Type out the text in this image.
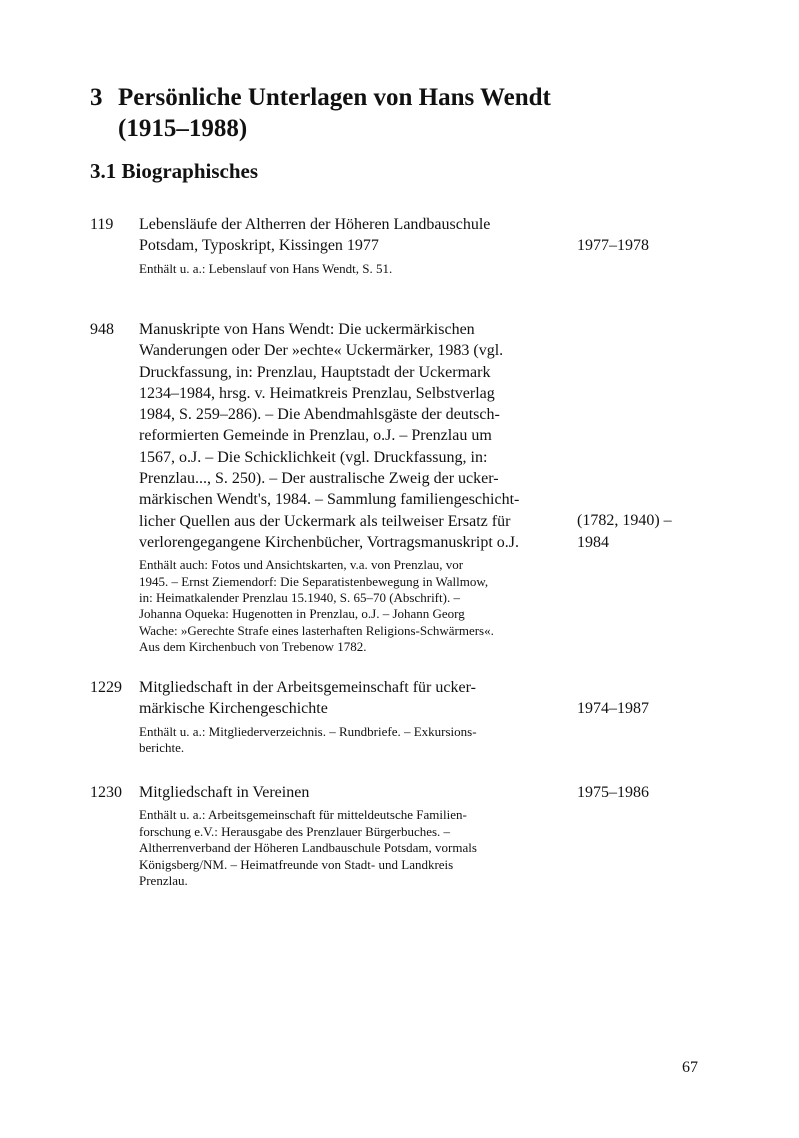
3 Persönliche Unterlagen von Hans Wendt
(1915–1988)
3.1 Biographisches
119 Lebensläufe der Altherren der Höheren Landbauschule
Potsdam, Typoskript, Kissingen 1977
Enthält u. a.: Lebenslauf von Hans Wendt, S. 51.
1977–1978
948 Manuskripte von Hans Wendt: Die uckermärkischen
Wanderungen oder Der »echte« Uckermärker, 1983 (vgl.
Druckfassung, in: Prenzlau, Hauptstadt der Uckermark
1234–1984, hrsg. v. Heimatkreis Prenzlau, Selbstverlag
1984, S. 259–286). – Die Abendmahlsgäste der deutsch-
reformierten Gemeinde in Prenzlau, o.J. – Prenzlau um
1567, o.J. – Die Schicklichkeit (vgl. Druckfassung, in:
Prenzlau..., S. 250). – Der australische Zweig der ucker-
märkischen Wendt's, 1984. – Sammlung familiengeschicht-
licher Quellen aus der Uckermark als teilweiser Ersatz für
verlorengegangene Kirchenbücher, Vortragsmanuskript o.J.
Enthält auch: Fotos und Ansichtskarten, v.a. von Prenzlau, vor
1945. – Ernst Ziemendorf: Die Separatistenbewegung in Wallmow,
in: Heimatkalender Prenzlau 15.1940, S. 65–70 (Abschrift). –
Johanna Oqueka: Hugenotten in Prenzlau, o.J. – Johann Georg
Wache: »Gerechte Strafe eines lasterhaften Religions-Schwärmers«.
Aus dem Kirchenbuch von Trebenow 1782.
(1782, 1940) –
1984
1229 Mitgliedschaft in der Arbeitsgemeinschaft für ucker-
märkische Kirchengeschichte
Enthält u. a.: Mitgliederverzeichnis. – Rundbriefe. – Exkursions-
berichte.
1974–1987
1230 Mitgliedschaft in Vereinen
Enthält u. a.: Arbeitsgemeinschaft für mitteldeutsche Familien-
forschung e.V.: Herausgabe des Prenzlauer Bürgerbuches. –
Altherrenverband der Höheren Landbauschule Potsdam, vormals
Königsberg/NM. – Heimatfreunde von Stadt- und Landkreis
Prenzlau.
1975–1986
67
